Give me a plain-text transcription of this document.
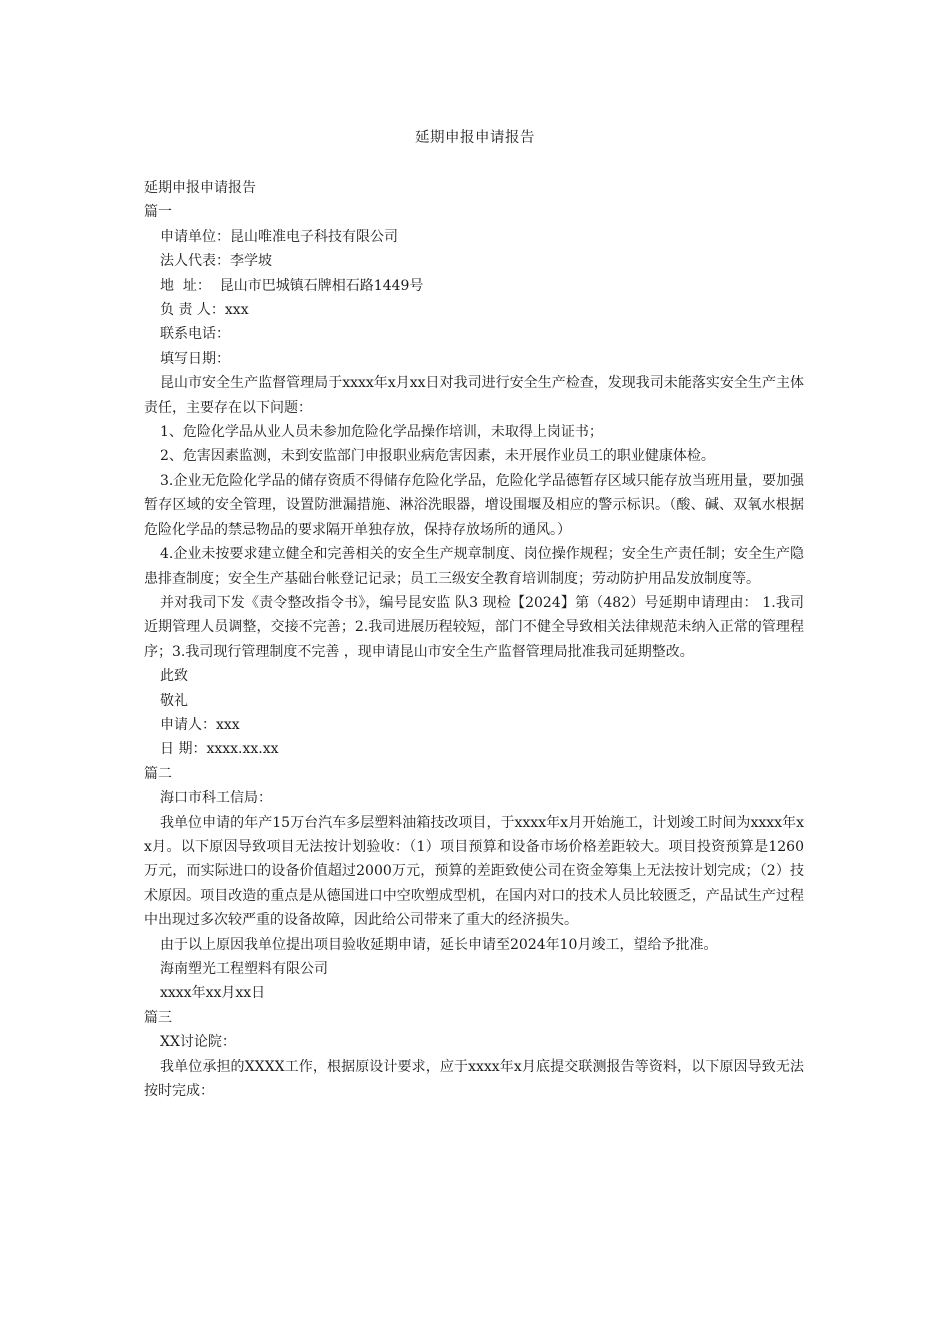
延期申报申请报告

延期申报申请报告

篇一

申请单位：昆山唯准电子科技有限公司

法人代表：李学坡

地  址：  昆山市巴城镇石牌相石路1449号

负 责 人：xxx

联系电话：

填写日期：

昆山市安全生产监督管理局于xxxx年x月xx日对我司进行安全生产检查，发现我司未能落实安全生产主体责任，主要存在以下问题：

1、危险化学品从业人员未参加危险化学品操作培训，未取得上岗证书；

2、危害因素监测，未到安监部门申报职业病危害因素，未开展作业员工的职业健康体检。

3.企业无危险化学品的储存资质不得储存危险化学品，危险化学品德暂存区域只能存放当班用量，要加强暂存区域的安全管理，设置防泄漏措施、淋浴洗眼器，增设围堰及相应的警示标识。（酸、碱、双氧水根据危险化学品的禁忌物品的要求隔开单独存放，保持存放场所的通风。）

4.企业未按要求建立健全和完善相关的安全生产规章制度、岗位操作规程；安全生产责任制；安全生产隐患排查制度；安全生产基础台帐登记记录；员工三级安全教育培训制度；劳动防护用品发放制度等。

并对我司下发《责令整改指令书》，编号昆安监 队3 现检【2024】第（482）号延期申请理由： 1.我司近期管理人员调整，交接不完善；2.我司进展历程较短，部门不健全导致相关法律规范未纳入正常的管理程序；3.我司现行管理制度不完善 ，现申请昆山市安全生产监督管理局批准我司延期整改。

此致

敬礼

申请人：xxx

日 期：xxxx.xx.xx

篇二

海口市科工信局：

我单位申请的年产15万台汽车多层塑料油箱技改项目，于xxxx年x月开始施工，计划竣工时间为xxxx年xx月。以下原因导致项目无法按计划验收：（1）项目预算和设备市场价格差距较大。项目投资预算是1260万元，而实际进口的设备价值超过2000万元，预算的差距致使公司在资金筹集上无法按计划完成；（2）技术原因。项目改造的重点是从德国进口中空吹塑成型机，在国内对口的技术人员比较匮乏，产品试生产过程中出现过多次较严重的设备故障，因此给公司带来了重大的经济损失。

由于以上原因我单位提出项目验收延期申请，延长申请至2024年10月竣工，望给予批准。

海南塑光工程塑料有限公司

xxxx年xx月xx日

篇三

XX讨论院：

我单位承担的XXXX工作，根据原设计要求，应于xxxx年x月底提交联测报告等资料，以下原因导致无法按时完成：
